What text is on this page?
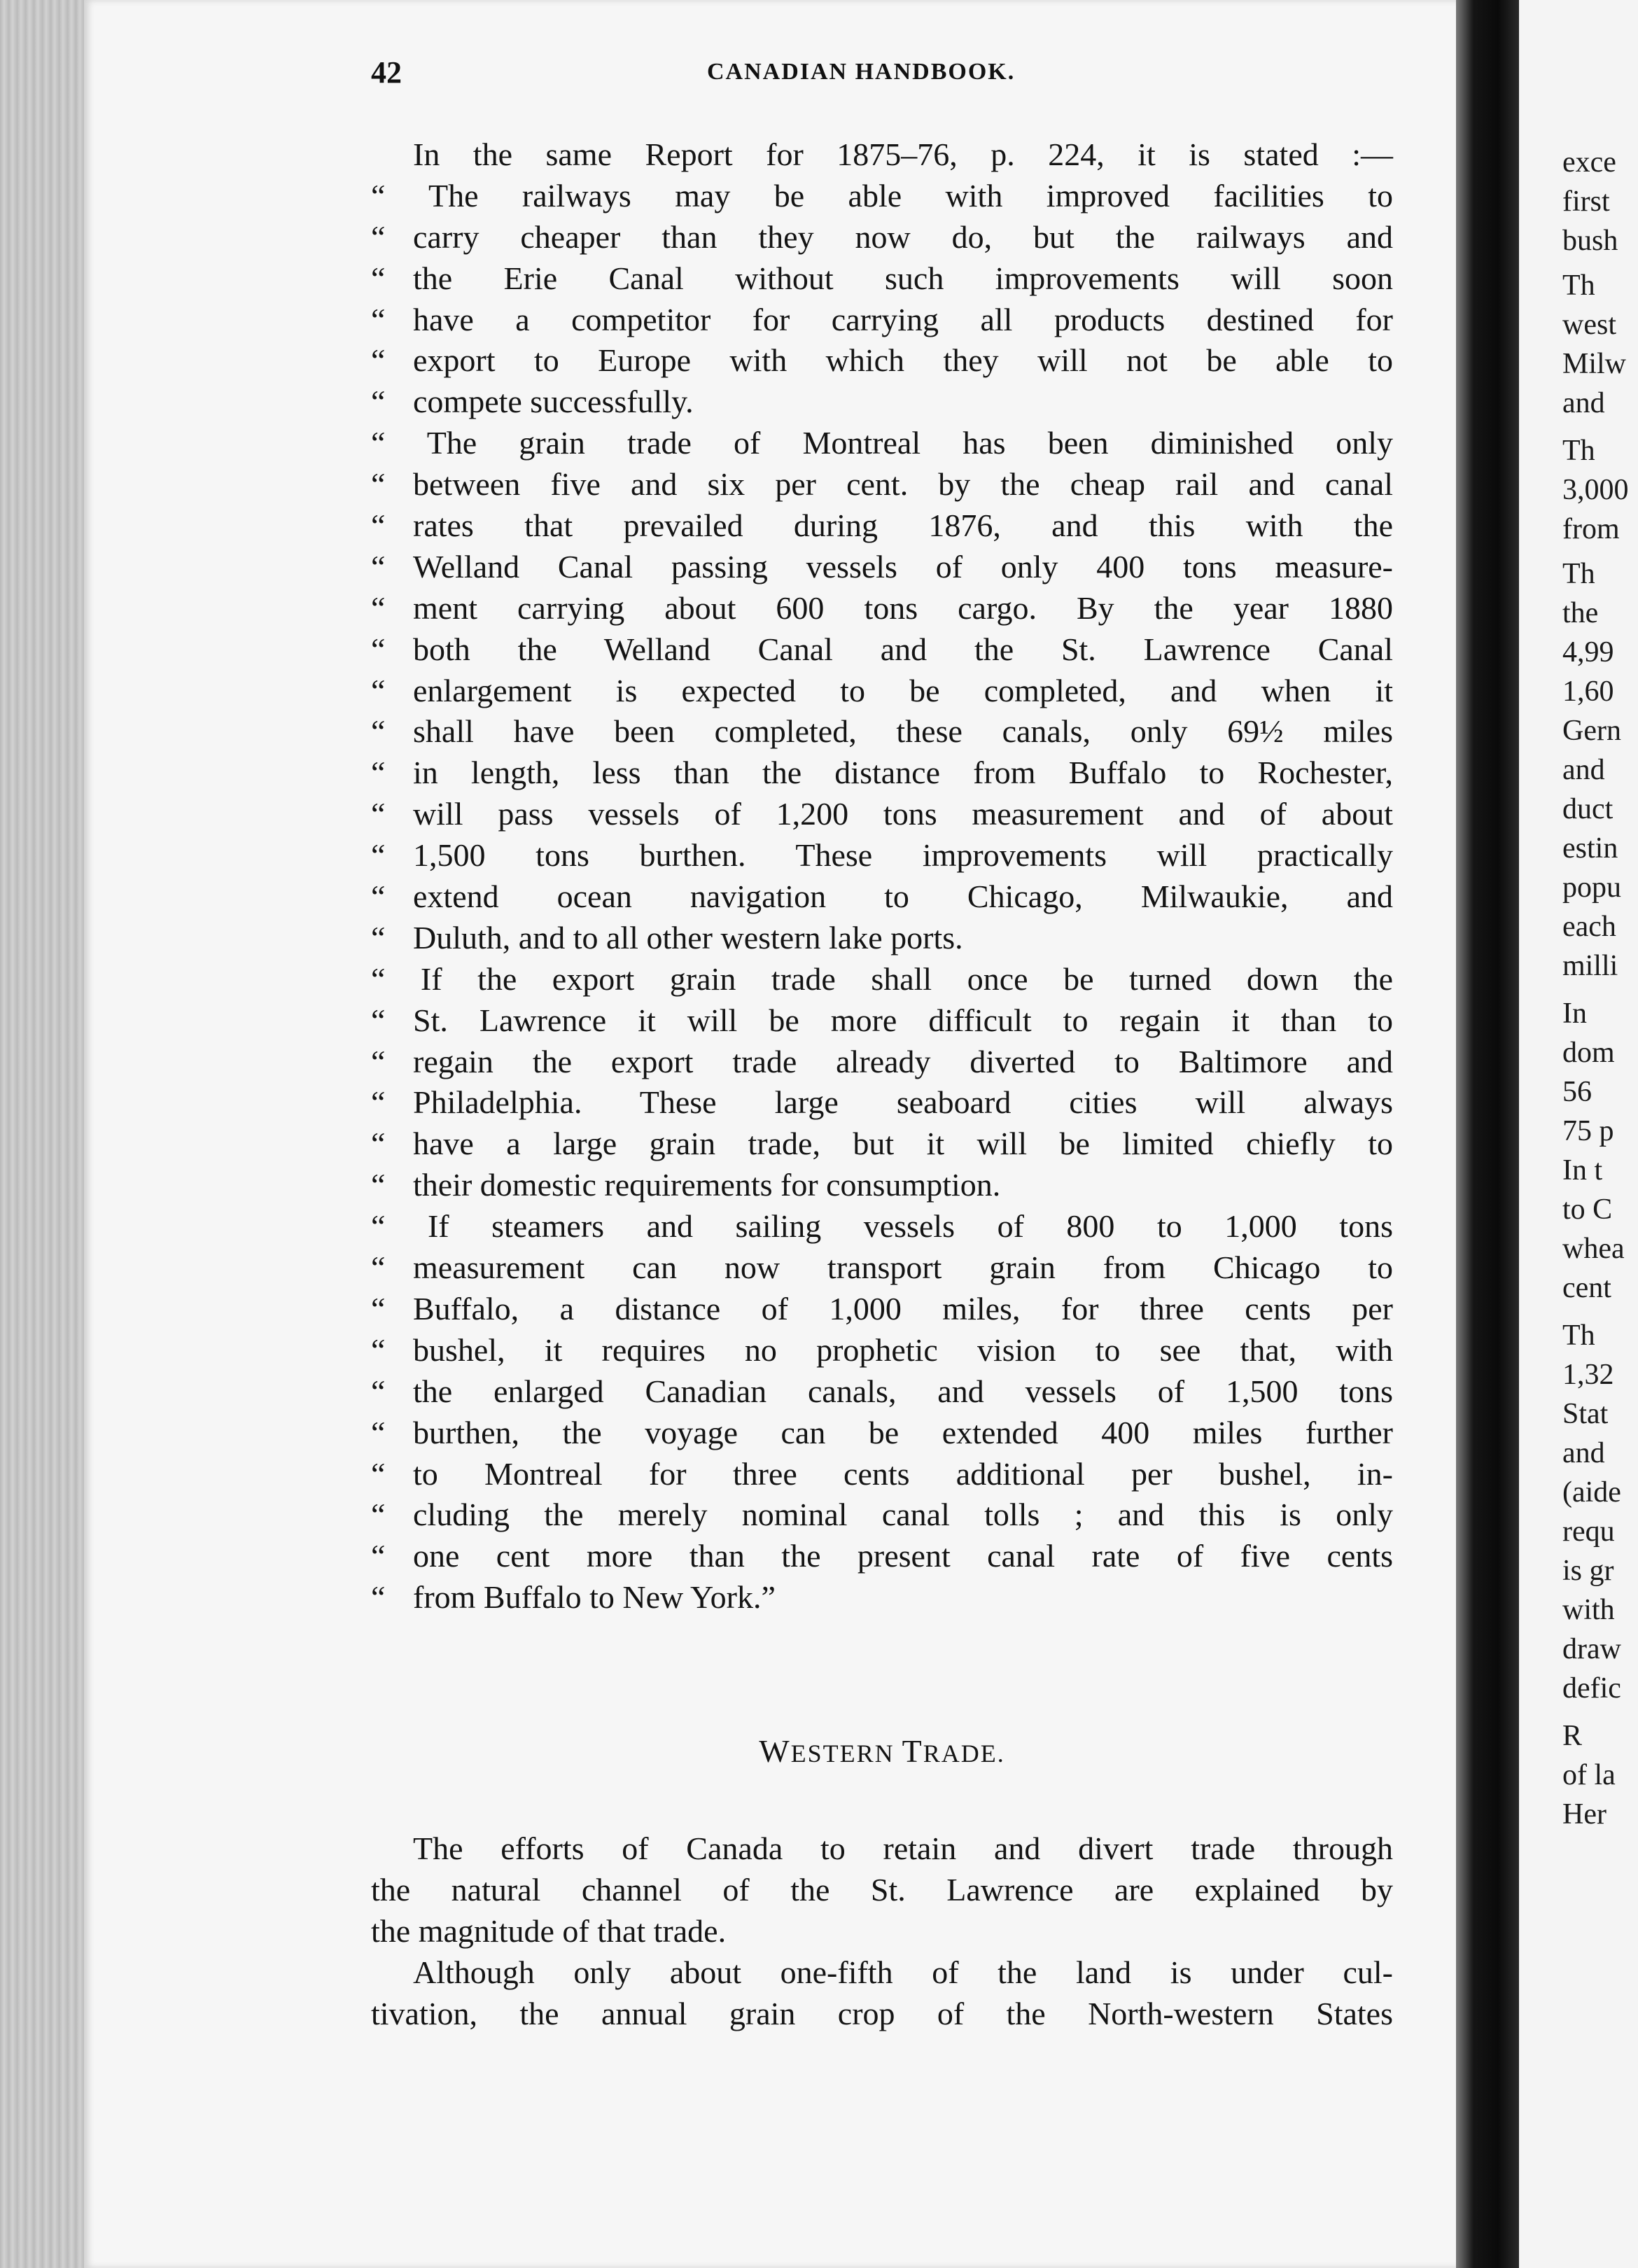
42	CANADIAN HANDBOOK.
In the same Report for 1875–76, p. 224, it is stated :—
“ The railways may be able with improved facilities to
“ carry cheaper than they now do, but the railways and
“ the Erie Canal without such improvements will soon
“ have a competitor for carrying all products destined for
“ export to Europe with which they will not be able to
“ compete successfully.
“ The grain trade of Montreal has been diminished only
“ between five and six per cent. by the cheap rail and canal
“ rates that prevailed during 1876, and this with the
“ Welland Canal passing vessels of only 400 tons measure-
“ ment carrying about 600 tons cargo. By the year 1880
“ both the Welland Canal and the St. Lawrence Canal
“ enlargement is expected to be completed, and when it
“ shall have been completed, these canals, only 69½ miles
“ in length, less than the distance from Buffalo to Rochester,
“ will pass vessels of 1,200 tons measurement and of about
“ 1,500 tons burthen. These improvements will practically
“ extend ocean navigation to Chicago, Milwaukie, and
“ Duluth, and to all other western lake ports.
“ If the export grain trade shall once be turned down the
“ St. Lawrence it will be more difficult to regain it than to
“ regain the export trade already diverted to Baltimore and
“ Philadelphia. These large seaboard cities will always
“ have a large grain trade, but it will be limited chiefly to
“ their domestic requirements for consumption.
“ If steamers and sailing vessels of 800 to 1,000 tons
“ measurement can now transport grain from Chicago to
“ Buffalo, a distance of 1,000 miles, for three cents per
“ bushel, it requires no prophetic vision to see that, with
“ the enlarged Canadian canals, and vessels of 1,500 tons
“ burthen, the voyage can be extended 400 miles further
“ to Montreal for three cents additional per bushel, in-
“ cluding the merely nominal canal tolls ; and this is only
“ one cent more than the present canal rate of five cents
“ from Buffalo to New York.”
WESTERN TRADE.
The efforts of Canada to retain and divert trade through
the natural channel of the St. Lawrence are explained by
the magnitude of that trade.
Although only about one-fifth of the land is under cul-
tivation, the annual grain crop of the North-western States
exce
first
bush
Th
west
Milw
and
Th
3,000
from
Th
the
4,99
1,60
Gern
and
duct
estin
popu
each
milli
In
dom
56
75 p
In t
to C
whea
cent
Th
1,32
Stat
and
(aide
requ
is gr
with
draw
defic
R
of la
Her
